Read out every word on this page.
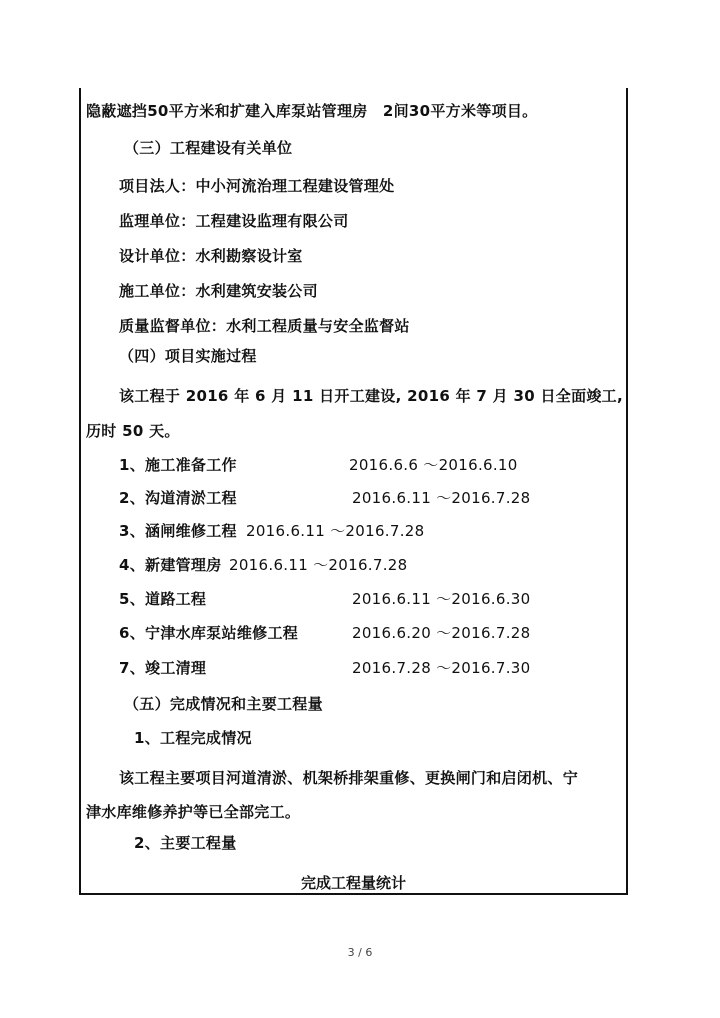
隐蔽遮挡50平方米和扩建入库泵站管理房　2间30平方米等项目。
（三）工程建设有关单位
项目法人：中小河流治理工程建设管理处
监理单位：工程建设监理有限公司
设计单位：水利勘察设计室
施工单位：水利建筑安装公司
质量监督单位：水利工程质量与安全监督站
（四）项目实施过程
该工程于 2016 年 6 月 11 日开工建设, 2016 年 7 月 30 日全面竣工,
历时 50 天。
1、施工准备工作	2016.6.6 ～2016.6.10
2、沟道清淤工程	2016.6.11 ～2016.7.28
3、涵闸维修工程 2016.6.11 ～2016.7.28
4、新建管理房 2016.6.11 ～2016.7.28
5、道路工程	2016.6.11 ～2016.6.30
6、宁津水库泵站维修工程	2016.6.20 ～2016.7.28
7、竣工清理	2016.7.28 ～2016.7.30
（五）完成情况和主要工程量
1、工程完成情况
该工程主要项目河道清淤、机架桥排架重修、更换闸门和启闭机、宁
津水库维修养护等已全部完工。
2、主要工程量
完成工程量统计
3 / 6
